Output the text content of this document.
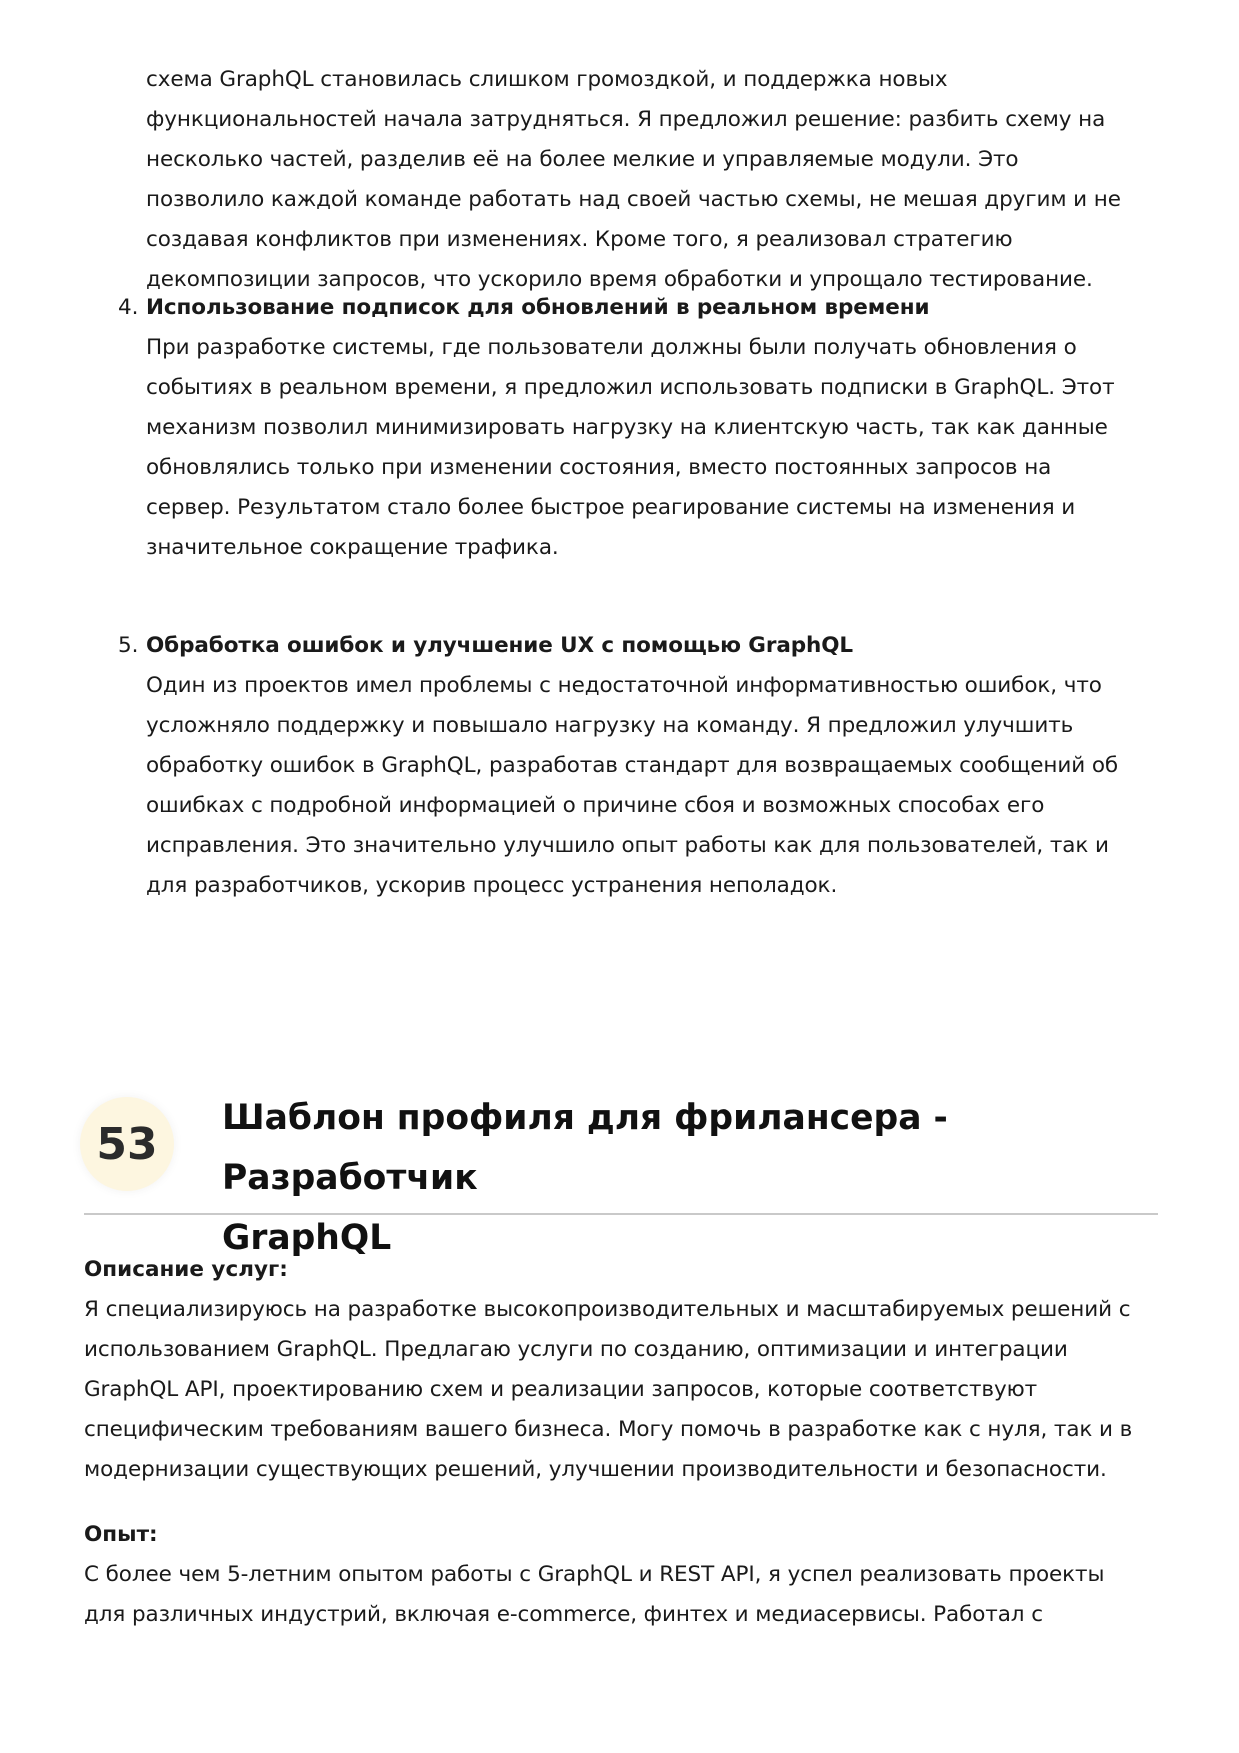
схема GraphQL становилась слишком громоздкой, и поддержка новых
функциональностей начала затрудняться. Я предложил решение: разбить схему на
несколько частей, разделив её на более мелкие и управляемые модули. Это
позволило каждой команде работать над своей частью схемы, не мешая другим и не
создавая конфликтов при изменениях. Кроме того, я реализовал стратегию
декомпозиции запросов, что ускорило время обработки и упрощало тестирование.

4. Использование подписок для обновлений в реальном времени

При разработке системы, где пользователи должны были получать обновления о
событиях в реальном времени, я предложил использовать подписки в GraphQL. Этот
механизм позволил минимизировать нагрузку на клиентскую часть, так как данные
обновлялись только при изменении состояния, вместо постоянных запросов на
сервер. Результатом стало более быстрое реагирование системы на изменения и
значительное сокращение трафика.

5. Обработка ошибок и улучшение UX с помощью GraphQL

Один из проектов имел проблемы с недостаточной информативностью ошибок, что
усложняло поддержку и повышало нагрузку на команду. Я предложил улучшить
обработку ошибок в GraphQL, разработав стандарт для возвращаемых сообщений об
ошибках с подробной информацией о причине сбоя и возможных способах его
исправления. Это значительно улучшило опыт работы как для пользователей, так и
для разработчиков, ускорив процесс устранения неполадок.

53
Шаблон профиля для фрилансера - Разработчик
GraphQL

Описание услуг:

Я специализируюсь на разработке высокопроизводительных и масштабируемых решений с
использованием GraphQL. Предлагаю услуги по созданию, оптимизации и интеграции
GraphQL API, проектированию схем и реализации запросов, которые соответствуют
специфическим требованиям вашего бизнеса. Могу помочь в разработке как с нуля, так и в
модернизации существующих решений, улучшении производительности и безопасности.

Опыт:

С более чем 5-летним опытом работы с GraphQL и REST API, я успел реализовать проекты
для различных индустрий, включая e-commerce, финтех и медиасервисы. Работал с
